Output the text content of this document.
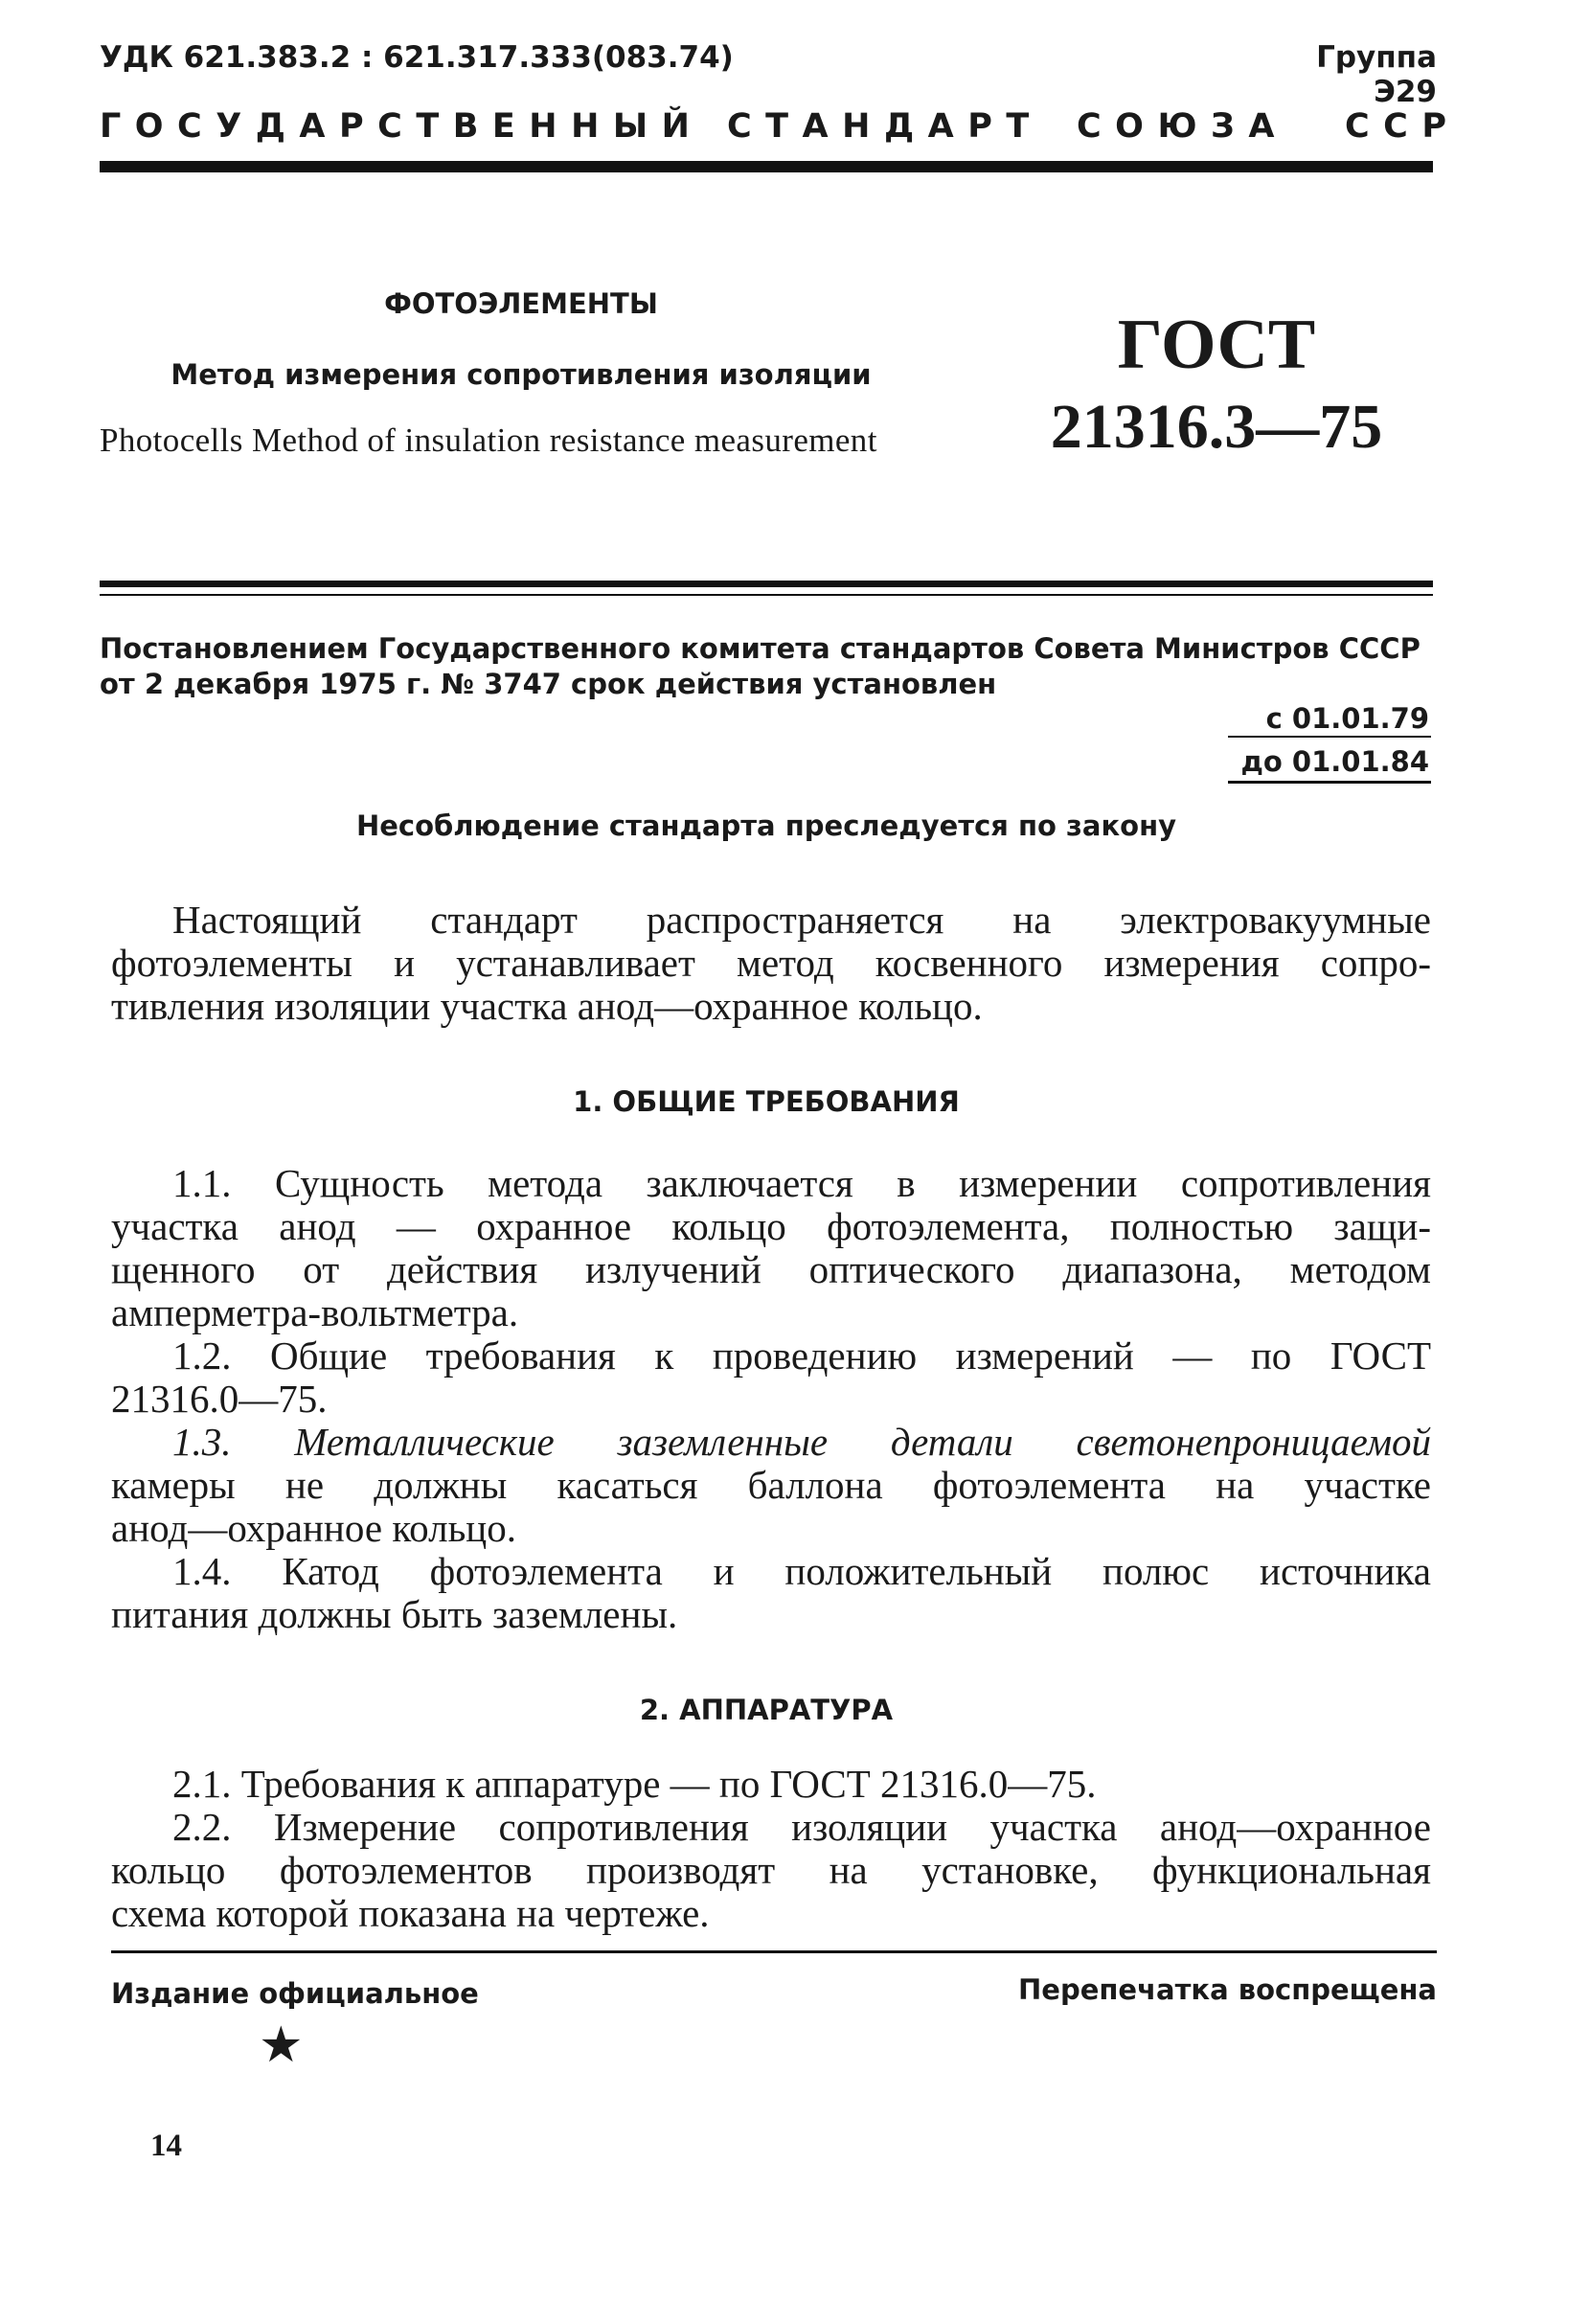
УДК 621.383.2 : 621.317.333(083.74)	Группа Э29
ГОСУДАРСТВЕННЫЙ СТАНДАРТ СОЮЗА ССР
ФОТОЭЛЕМЕНТЫ
Метод измерения сопротивления изоляции
Photocells Method of insulation resistance measurement
ГОСТ
21316.3—75
Постановлением Государственного комитета стандартов Совета Министров СССР
от 2 декабря 1975 г. № 3747 срок действия установлен
с 01.01.79
до 01.01.84
Несоблюдение стандарта преследуется по закону
Настоящий стандарт распространяется на электровакуумные
фотоэлементы и устанавливает метод косвенного измерения сопро-
тивления изоляции участка анод—охранное кольцо.
1. ОБЩИЕ ТРЕБОВАНИЯ
1.1. Сущность метода заключается в измерении сопротивления
участка анод — охранное кольцо фотоэлемента, полностью защи-
щенного от действия излучений оптического диапазона, методом
амперметра-вольтметра.
1.2. Общие требования к проведению измерений — по ГОСТ
21316.0—75.
1.3. Металлические заземленные детали светонепроницаемой
камеры не должны касаться баллона фотоэлемента на участке
анод—охранное кольцо.
1.4. Катод фотоэлемента и положительный полюс источника
питания должны быть заземлены.
2. АППАРАТУРА
2.1. Требования к аппаратуре — по ГОСТ 21316.0—75.
2.2. Измерение сопротивления изоляции участка анод—охранное
кольцо фотоэлементов производят на установке, функциональная
схема которой показана на чертеже.
Издание официальное	Перепечатка воспрещена
★
14
